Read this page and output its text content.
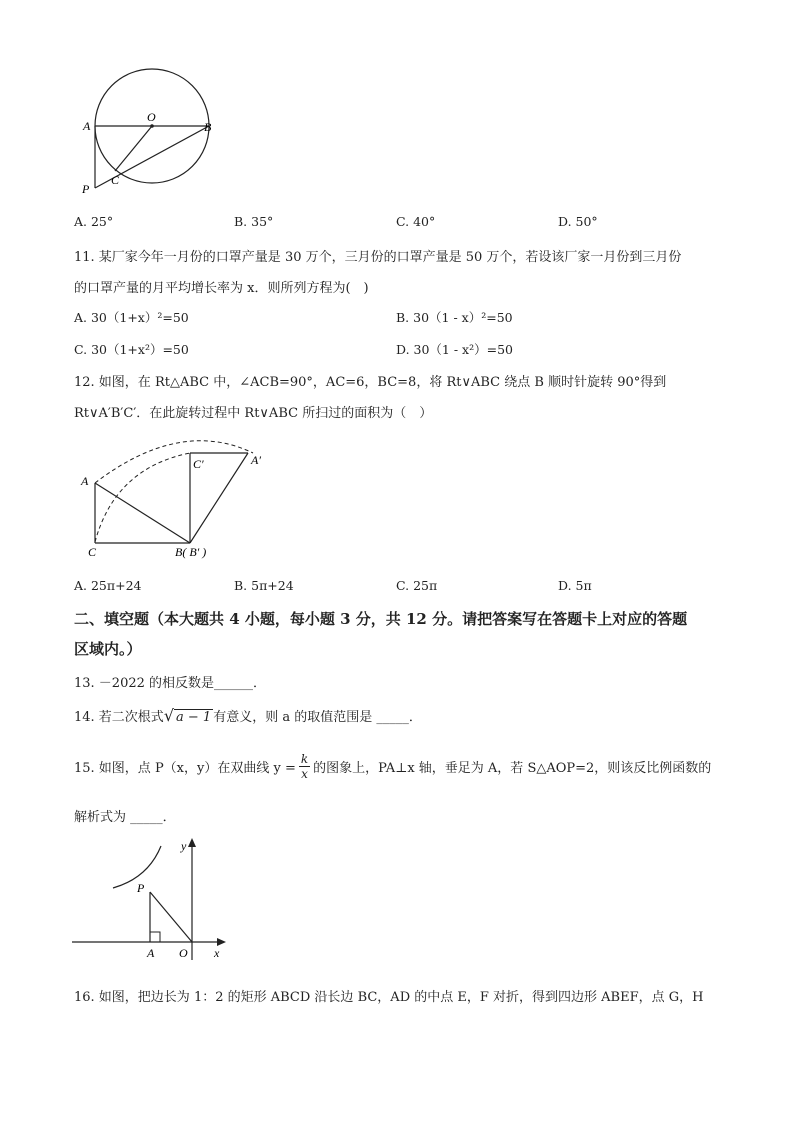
A
O
B
C
P
A. 25°	B. 35°	C. 40°	D. 50°
11. 某厂家今年一月份的口罩产量是 30 万个，三月份的口罩产量是 50 万个，若设该厂家一月份到三月份
的口罩产量的月平均增长率为 x．则所列方程为(　)
A. 30（1+x）²=50	B. 30（1 - x）²=50
C. 30（1+x²）=50	D. 30（1 - x²）=50
12. 如图，在 Rt△ABC 中，∠ACB=90°，AC=6，BC=8，将 Rt∨ABC 绕点 B 顺时针旋转 90°得到
Rt∨A′B′C′．在此旋转过程中 Rt∨ABC 所扫过的面积为（　）
A
C	B( B′ )
C′	A′
A. 25π+24	B. 5π+24	C. 25π	D. 5π
二、填空题（本大题共 4 小题，每小题 3 分，共 12 分。请把答案写在答题卡上对应的答题
区域内。）
13. －2022 的相反数是______．
14. 若二次根式√ a − 1 有意义，则 a 的取值范围是 _____．
15. 如图，点 P（x，y）在双曲线 $y = \frac{k}{x}$ 的图象上，PA⊥x 轴，垂足为 A，若 S△AOP=2，则该反比例函数的
解析式为 _____．
y
x
P
A O
16. 如图，把边长为 1：2 的矩形 ABCD 沿长边 BC，AD 的中点 E，F 对折，得到四边形 ABEF，点 G，H
